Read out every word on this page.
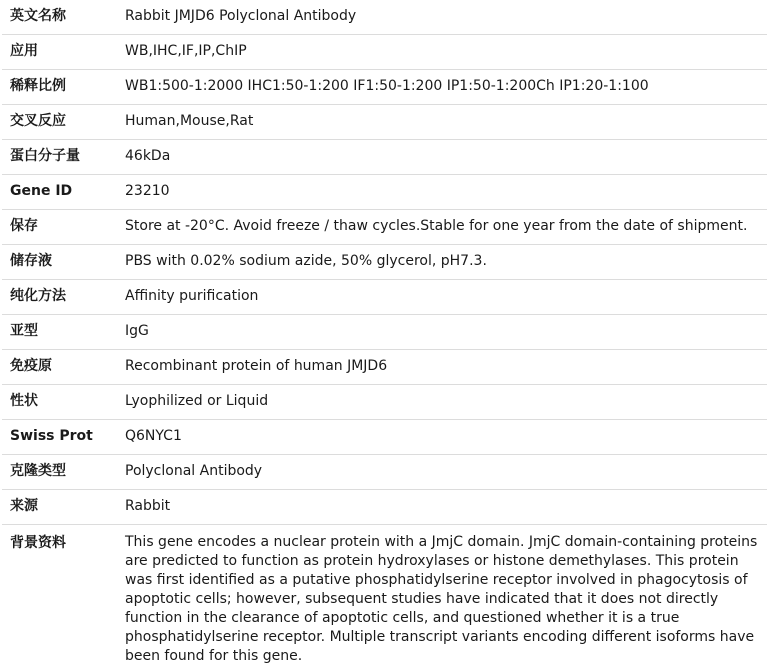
英文名称	Rabbit JMJD6 Polyclonal Antibody
应用	WB,IHC,IF,IP,ChIP
稀释比例	WB1:500-1:2000 IHC1:50-1:200 IF1:50-1:200 IP1:50-1:200Ch IP1:20-1:100
交叉反应	Human,Mouse,Rat
蛋白分子量	46kDa
Gene ID	23210
保存	Store at -20°C. Avoid freeze / thaw cycles.Stable for one year from the date of shipment.
储存液	PBS with 0.02% sodium azide, 50% glycerol, pH7.3.
纯化方法	Affinity purification
亚型	IgG
免疫原	Recombinant protein of human JMJD6
性状	Lyophilized or Liquid
Swiss Prot	Q6NYC1
克隆类型	Polyclonal Antibody
来源	Rabbit
背景资料	This gene encodes a nuclear protein with a JmjC domain. JmjC domain-containing proteins are predicted to function as protein hydroxylases or histone demethylases. This protein was first identified as a putative phosphatidylserine receptor involved in phagocytosis of apoptotic cells; however, subsequent studies have indicated that it does not directly function in the clearance of apoptotic cells, and questioned whether it is a true phosphatidylserine receptor. Multiple transcript variants encoding different isoforms have been found for this gene.
